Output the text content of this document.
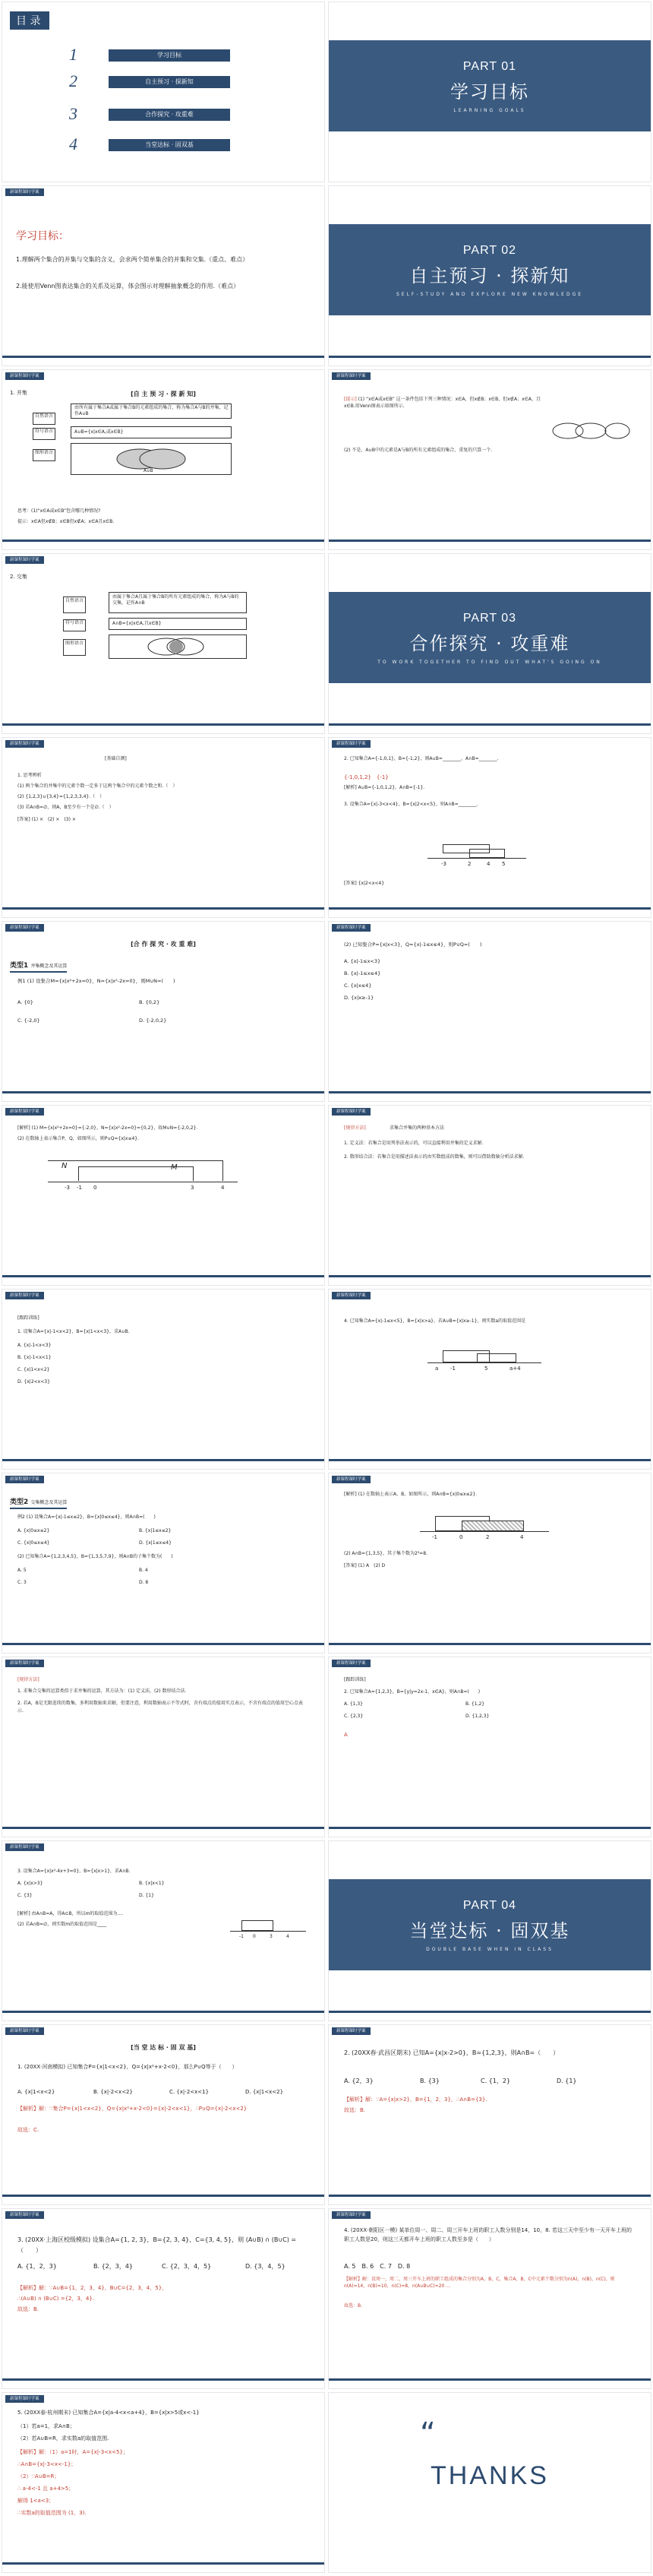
目 录
1	学习目标
2	自主预习 · 探新知
3	合作探究 · 攻重难
4	当堂达标 · 固双基
PART 01
学习目标
LEARNING GOALS
新课程课时学案
学习目标：
1.理解两个集合的并集与交集的含义，会求两个简单集合的并集和交集.（重点、难点）
2.能使用Venn图表达集合的关系及运算，体会图示对理解抽象概念的作用.（难点）
PART 02
自主预习 · 探新知
SELF-STUDY AND EXPLORE NEW KNOWLEDGE
新课程课时学案
[自 主 预 习 · 探 新 知]
1. 并集
由所有属于集合A或属于集合B的元素组成的集合，称为集合A与B的并集，记作A∪B
A∪B={x|x∈A,或x∈B}
A∪B
自然语言
符号语言
图形语言
思考：(1)“x∈A或x∈B”包含哪几种情况?
提示：x∈A但x∉B；x∈B但x∉A；x∈A且x∈B.
新课程课时学案
[提示] (1) “x∈A或x∈B” 这一条件包括下列三种情况：x∈A，但x∉B；x∈B，但x∉A；x∈A，且x∈B.用Venn图表示如图所示.
(2) 不是，A∪B中的元素是A与B的所有元素组成的集合，重复的只算一个.
新课程课时学案
2. 交集
由属于集合A且属于集合B的所有元素组成的集合，称为A与B的交集，记作A∩B
A∩B={x|x∈A,且x∈B}
自然语言
符号语言
图形语言
PART 03
合作探究 · 攻重难
TO WORK TOGETHER TO FIND OUT WHAT'S GOING ON
新课程课时学案
[基础自测]
1. 思考辨析
(1) 两个集合的并集中的元素个数一定多于这两个集合中的元素个数之和.（　）
(2) {1,2,3}∪{3,4}={1,2,3,3,4}.（　）
(3) 若A∩B=∅，则A，B至少有一个是∅.（　）
[答案] (1) ×　(2) ×　(3) ×
新课程课时学案
2. 已知集合A={-1,0,1}，B={-1,2}，则A∪B=________，A∩B=________.
{-1,0,1,2}　{-1}
[解析] A∪B={-1,0,1,2}，A∩B={-1}.
3. 设集合A={x|-3<x<4}，B={x|2<x<5}，则A∩B=________.
-3	2	4 5
[答案] {x|2<x<4}
新课程课时学案
[合 作 探 究 · 攻 重 难]
类型1 并集概念及其运算
例1 (1) 设集合M={x|x²+2x=0}，N={x|x²-2x=0}，则M∪N=(　　)
A. {0}	B. {0,2}
C. {-2,0}	D. {-2,0,2}
新课程课时学案
(2) 已知集合P={x|x<3}，Q={x|-1≤x≤4}，则P∪Q=(　　)
A. {x|-1≤x<3}
B. {x|-1≤x≤4}
C. {x|x≤4}
D. {x|x≥-1}
新课程课时学案
[解析] (1) M={x|x²+2x=0}={-2,0}，N={x|x²-2x=0}={0,2}，故M∪N={-2,0,2}.
(2) 在数轴上表示集合P，Q，如图所示，则P∪Q={x|x≤4}.
N	M
-3 -1 0	3	4
新课程课时学案
[规律方法]	求集合并集的两种基本方法
1. 定义法：若集合是用列举法表示的，可以直接利用并集的定义求解.
2. 数形结合法：若集合是用描述法表示的由实数组成的数集，则可以借助数轴分析法求解.
新课程课时学案
[跟踪训练]
1. 设集合A={x|-1<x<2}，B={x|1<x<3}，求A∪B.
A. {x|-1<x<3}
B. {x|-1<x<1}
C. {x|1<x<2}
D. {x|2<x<3}
新课程课时学案
4. 已知集合A={x|-1≤x<5}，B={x|x>a}，若A∪B={x|x≥-1}，则实数a的取值范围是
a -1	5	a+4
新课程课时学案
类型2 交集概念及其运算
例2 (1) 设集合A={x|-1≤x≤2}，B={x|0≤x≤4}，则A∩B=(　　)
A. {x|0≤x≤2}	B. {x|1≤x≤2}
C. {x|0≤x≤4}	D. {x|1≤x≤4}
(2) 已知集合A={1,2,3,4,5}，B={1,3,5,7,9}，则A∩B的子集个数为(　　)
A. 5	B. 4
C. 3	D. 8
新课程课时学案
[解析] (1) 在数轴上表示A，B，如图所示，则A∩B={x|0≤x≤2}.
-1	0	2	4
(2) A∩B={1,3,5}，其子集个数为2³=8.
[答案] (1) A　(2) D
新课程课时学案
[规律方法]
1. 求集合交集的运算类似于求并集的运算，其方法为：(1) 定义法，(2) 数形结合法.
2. 若A，B是无限连续的数集，多利用数轴来求解，但要注意，利用数轴表示不等式时，含有端点的值用实点表示，不含有端点的值用空心点表示.
新课程课时学案
[跟踪训练]
2. 已知集合A={1,2,3}，B={y|y=2x-1，x∈A}，则A∩B=(　　)
A. {1,3}	B. {1,2}
C. {2,3}	D. {1,2,3}
A
新课程课时学案
3. 设集合A={x|x²-4x+3=0}，B={x|x>1}，求A∩B.
A. {x|x>3}	B. {x|x<1}
C. {3}	D. {1}
[解析] 由A∩B=A，得A⊆B，所以m的取值范围为....
(2) 若A∩B=∅，则实数m的取值范围是____
-1 0	3	4
PART 04
当堂达标 · 固双基
DOUBLE BASE WHEN IN CLASS
新课程课时学案
[当 堂 达 标 · 固 双 基]
1. (20XX·河南模拟) 已知集合P={x|1<x<2}，Q={x|x²+x-2<0}，那么P∪Q等于（　　）
A. {x|1<x<2}	B. {x|-2<x<2}	C. {x|-2<x<1}	D. {x|1<x<2}
【解析】解：∵集合P={x|1<x<2}，Q={x|x²+x-2<0}={x|-2<x<1}，∴P∪Q={x|-2<x<2}
故选：C.
新课程课时学案
2. (20XX春·武昌区期末) 已知A={x|x-2>0}，B={1,2,3}，则A∩B=（　　）
A. {2，3}	B. {3}	C. {1，2}	D. {1}
【解析】解：∵A={x|x>2}，B={1，2，3}，∴A∩B={3}.
故选：B.
新课程课时学案
3. (20XX·上海区校级模拟) 设集合A={1, 2, 3}，B={2, 3, 4}，C={3, 4, 5}，则 (A∪B) ∩ (B∪C) =（　　）
A. {1，2，3}	B. {2，3，4}	C. {2，3，4，5}	D. {3，4，5}
【解析】解：∵A∪B={1，2，3，4}，B∪C={2，3，4，5}，
∴(A∪B) ∩ (B∪C) ={2，3，4}.
故选：B.
新课程课时学案
4. (20XX·朝阳区一模) 某单位周一、周二、周三开车上班的职工人数分别是14，10，8. 若这三天中至少有一天开车上班的职工人数是20，则这三天都开车上班的职工人数至多是（　　）
A. 5　B. 6　C. 7　D. 8
【解析】解：设周一，周二，周三开车上班的职工组成的集合分别为A，B，C，集合A，B，C中元素个数分别为n(A)，n(B)，n(C)，则n(A)=14，n(B)=10，n(C)=8，n(A∪B∪C)=20 ...
故选：B.
新课程课时学案
5. (20XX春·杭州期末) 已知集合A={x|a-4<x<a+4}，B={x|x>5或x<-1}
（1）若a=1，求A∩B；
（2）若A∪B=R，求实数a的取值范围.
【解析】解：（1）a=1时，A={x|-3<x<5}；
∴A∩B={x|-3<x<-1}；
（2）∵A∪B=R；
∴ a-4<-1 且 a+4>5；
解得 1<a<3；
∴实数a的取值范围为 (1，3).
“
THANKS
